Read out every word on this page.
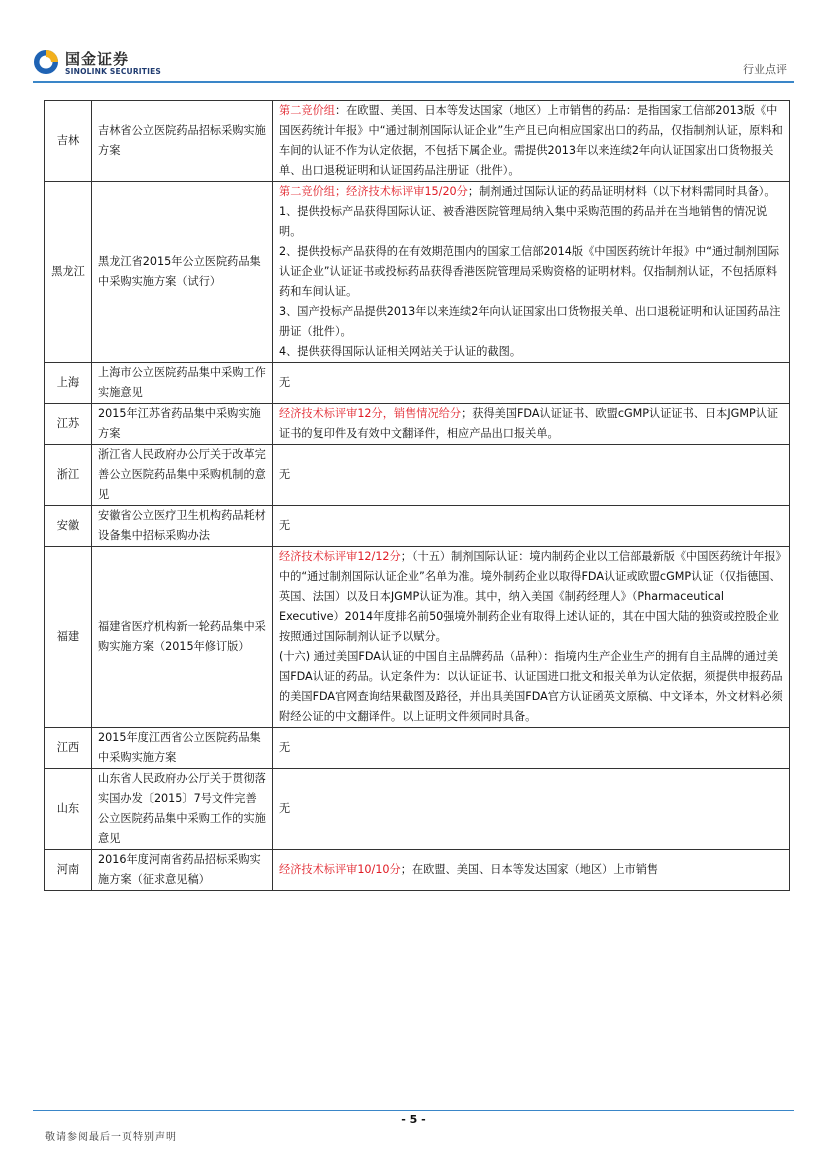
国金证券
SINOLINK SECURITIES	行业点评
吉林	吉林省公立医院药品招标采购实施方案	第二竞价组：在欧盟、美国、日本等发达国家（地区）上市销售的药品：是指国家工信部2013版《中国医药统计年报》中“通过制剂国际认证企业”生产且已向相应国家出口的药品，仅指制剂认证，原料和车间的认证不作为认定依据，不包括下属企业。需提供2013年以来连续2年向认证国家出口货物报关单、出口退税证明和认证国药品注册证（批件）。

黑龙江	黑龙江省2015年公立医院药品集中采购实施方案（试行）	第二竞价组；经济技术标评审15/20分；制剂通过国际认证的药品证明材料（以下材料需同时具备）。

1、提供投标产品获得国际认证、被香港医院管理局纳入集中采购范围的药品并在当地销售的情况说明。

2、提供投标产品获得的在有效期范围内的国家工信部2014版《中国医药统计年报》中“通过制剂国际认证企业”认证证书或投标药品获得香港医院管理局采购资格的证明材料。仅指制剂认证，不包括原料药和车间认证。

3、国产投标产品提供2013年以来连续2年向认证国家出口货物报关单、出口退税证明和认证国药品注册证（批件）。

4、提供获得国际认证相关网站关于认证的截图。

上海	上海市公立医院药品集中采购工作实施意见	无

江苏	2015年江苏省药品集中采购实施方案	经济技术标评审12分，销售情况给分；获得美国FDA认证证书、欧盟cGMP认证证书、日本JGMP认证证书的复印件及有效中文翻译件，相应产品出口报关单。

浙江	浙江省人民政府办公厅关于改革完善公立医院药品集中采购机制的意见	无

安徽	安徽省公立医疗卫生机构药品耗材设备集中招标采购办法	无

福建	福建省医疗机构新一轮药品集中采购实施方案（2015年修订版）	经济技术标评审12/12分；（十五）制剂国际认证：境内制药企业以工信部最新版《中国医药统计年报》中的“通过制剂国际认证企业”名单为准。境外制药企业以取得FDA认证或欧盟cGMP认证（仅指德国、英国、法国）以及日本JGMP认证为准。其中，纳入美国《制药经理人》（Pharmaceutical Executive）2014年度排名前50强境外制药企业有取得上述认证的，其在中国大陆的独资或控股企业按照通过国际制剂认证予以赋分。

(十六) 通过美国FDA认证的中国自主品牌药品（品种）：指境内生产企业生产的拥有自主品牌的通过美国FDA认证的药品。认定条件为：以认证证书、认证国进口批文和报关单为认定依据，须提供申报药品的美国FDA官网查询结果截图及路径，并出具美国FDA官方认证函英文原稿、中文译本，外文材料必须附经公证的中文翻译件。以上证明文件须同时具备。

江西	2015年度江西省公立医院药品集中采购实施方案	无

山东	山东省人民政府办公厅关于贯彻落实国办发〔2015〕7号文件完善公立医院药品集中采购工作的实施意见	无

河南	2016年度河南省药品招标采购实施方案（征求意见稿）	经济技术标评审10/10分；在欧盟、美国、日本等发达国家（地区）上市销售

- 5 -
敬请参阅最后一页特别声明
